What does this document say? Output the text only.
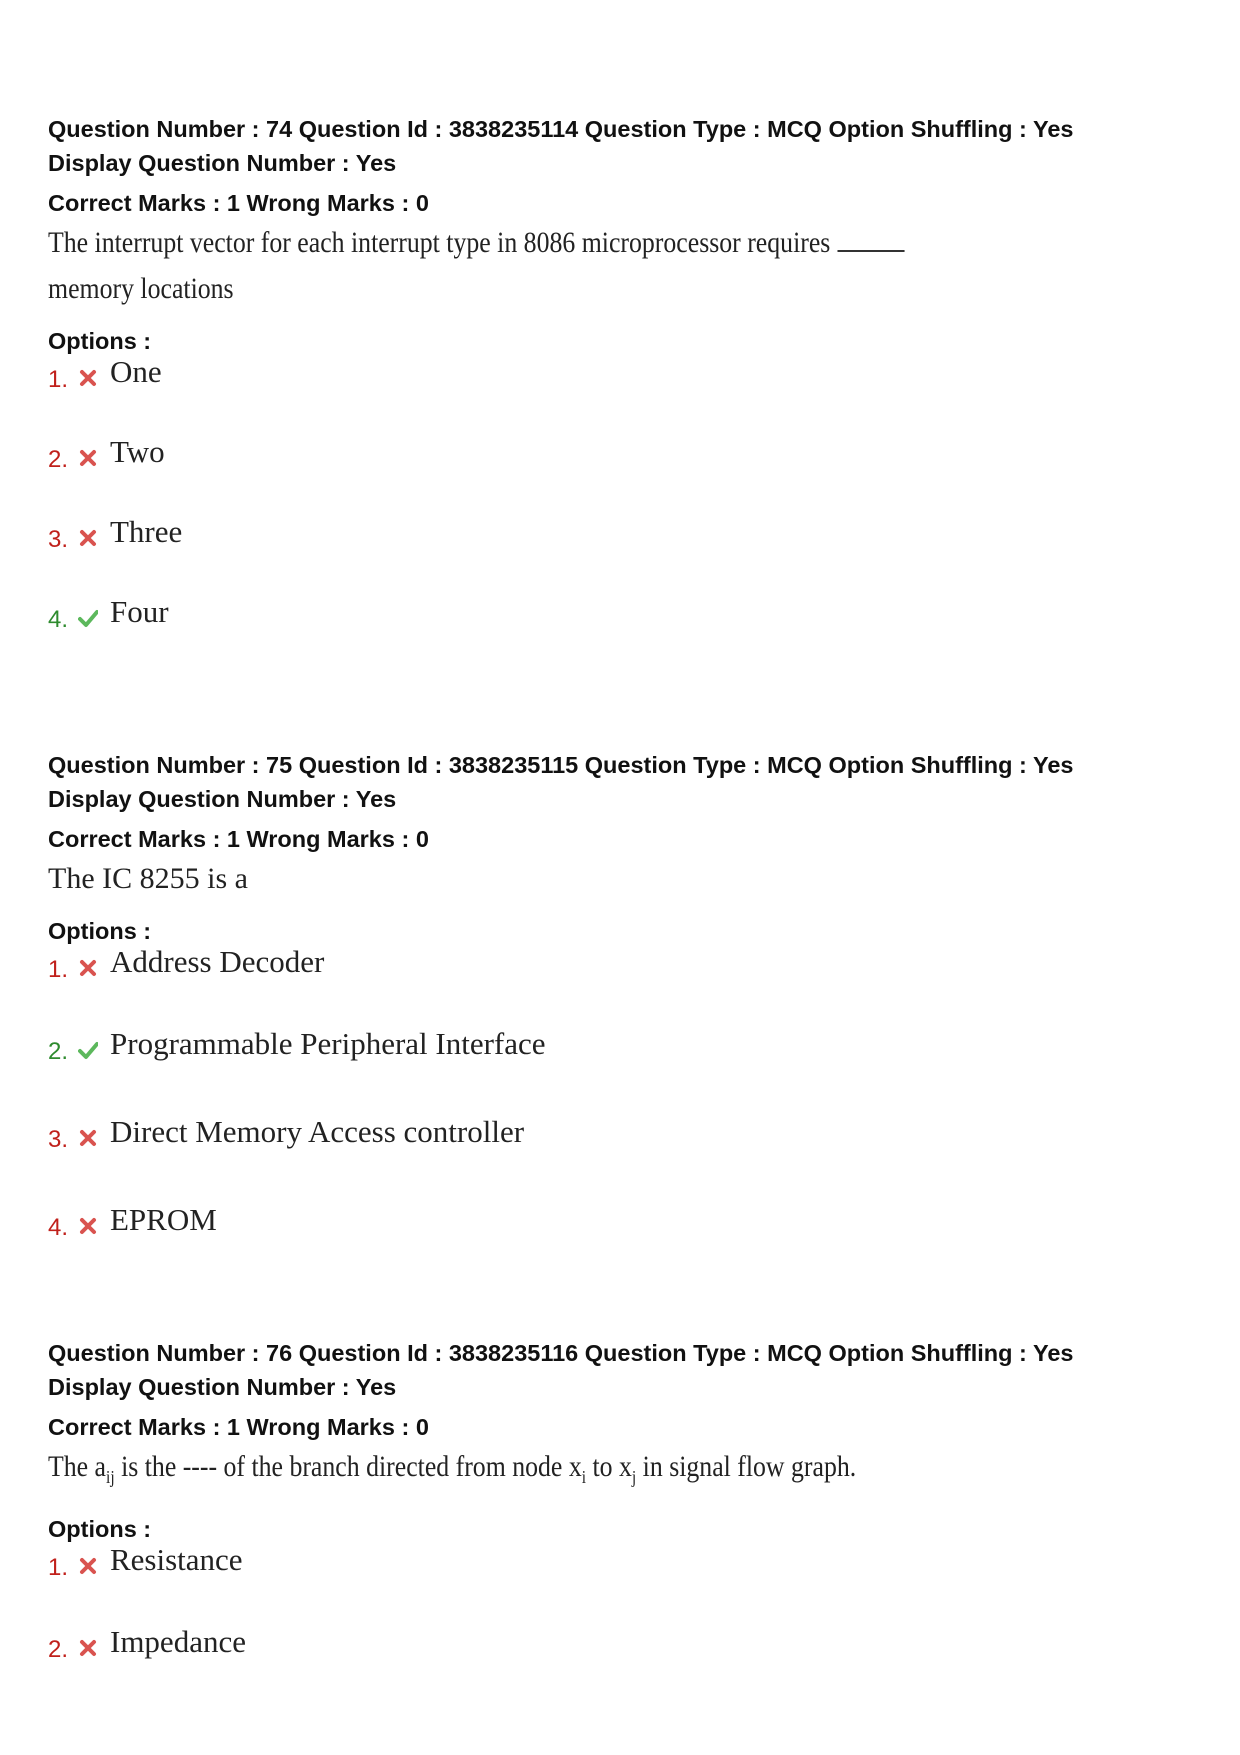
Question Number : 74 Question Id : 3838235114 Question Type : MCQ Option Shuffling : Yes
Display Question Number : Yes
Correct Marks : 1 Wrong Marks : 0
The interrupt vector for each interrupt type in 8086 microprocessor requires
memory locations
Options :
1. One
2. Two
3. Three
4. Four
Question Number : 75 Question Id : 3838235115 Question Type : MCQ Option Shuffling : Yes
Display Question Number : Yes
Correct Marks : 1 Wrong Marks : 0
The IC 8255 is a
Options :
1. Address Decoder
2. Programmable Peripheral Interface
3. Direct Memory Access controller
4. EPROM
Question Number : 76 Question Id : 3838235116 Question Type : MCQ Option Shuffling : Yes
Display Question Number : Yes
Correct Marks : 1 Wrong Marks : 0
The $a_{ij}$ is the ---- of the branch directed from node $x_i$ to $x_j$ in signal flow graph.
Options :
1. Resistance
2. Impedance
